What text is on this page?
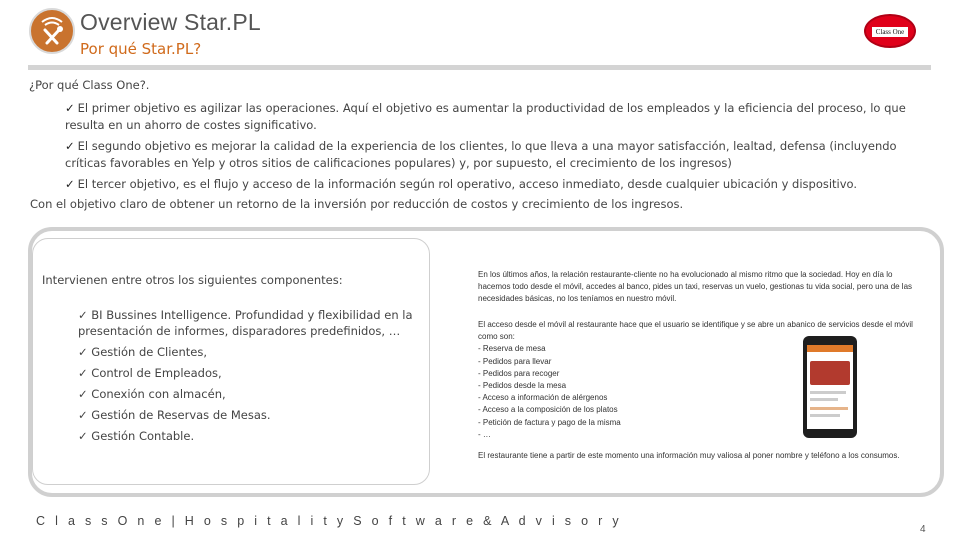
Overview Star.PL
Por qué Star.PL?
Class One
¿Por qué Class One?.
✓ El primer objetivo es agilizar las operaciones. Aquí el objetivo es aumentar la productividad de los empleados y la eficiencia del proceso, lo que resulta en un ahorro de costes significativo.
✓ El segundo objetivo es mejorar la calidad de la experiencia de los clientes, lo que lleva a una mayor satisfacción, lealtad, defensa (incluyendo críticas favorables en Yelp y otros sitios de calificaciones populares) y, por supuesto, el crecimiento de los ingresos)
✓ El tercer objetivo, es el flujo y acceso de la información según rol operativo, acceso inmediato, desde cualquier ubicación y dispositivo.
Con el objetivo claro de obtener un retorno de la inversión por reducción de costos y crecimiento de los ingresos.
Intervienen entre otros los siguientes componentes:
✓ BI Bussines Intelligence. Profundidad y flexibilidad en la presentación de informes, disparadores predefinidos, …
✓ Gestión de Clientes,
✓ Control de Empleados,
✓ Conexión con almacén,
✓ Gestión de Reservas de Mesas.
✓ Gestión Contable.
En los últimos años, la relación restaurante-cliente no ha evolucionado al mismo ritmo que la sociedad. Hoy en día lo hacemos todo desde el móvil, accedes al banco, pides un taxi, reservas un vuelo, gestionas tu vida social, pero una de las necesidades básicas, no los teníamos en nuestro móvil.
El acceso desde el móvil al restaurante hace que el usuario se identifique y se abre un abanico de servicios desde el móvil como son:
- Reserva de mesa
- Pedidos para llevar
- Pedidos para recoger
- Pedidos desde la mesa
- Acceso a información de alérgenos
- Acceso a la composición de los platos
- Petición de factura y pago de la misma
- …
El restaurante tiene a partir de este momento una información muy valiosa al poner nombre y teléfono a los consumos.
C l a s s O n e | H o s p i t a l i t y S o f t w a r e & A d v i s o r y
4
